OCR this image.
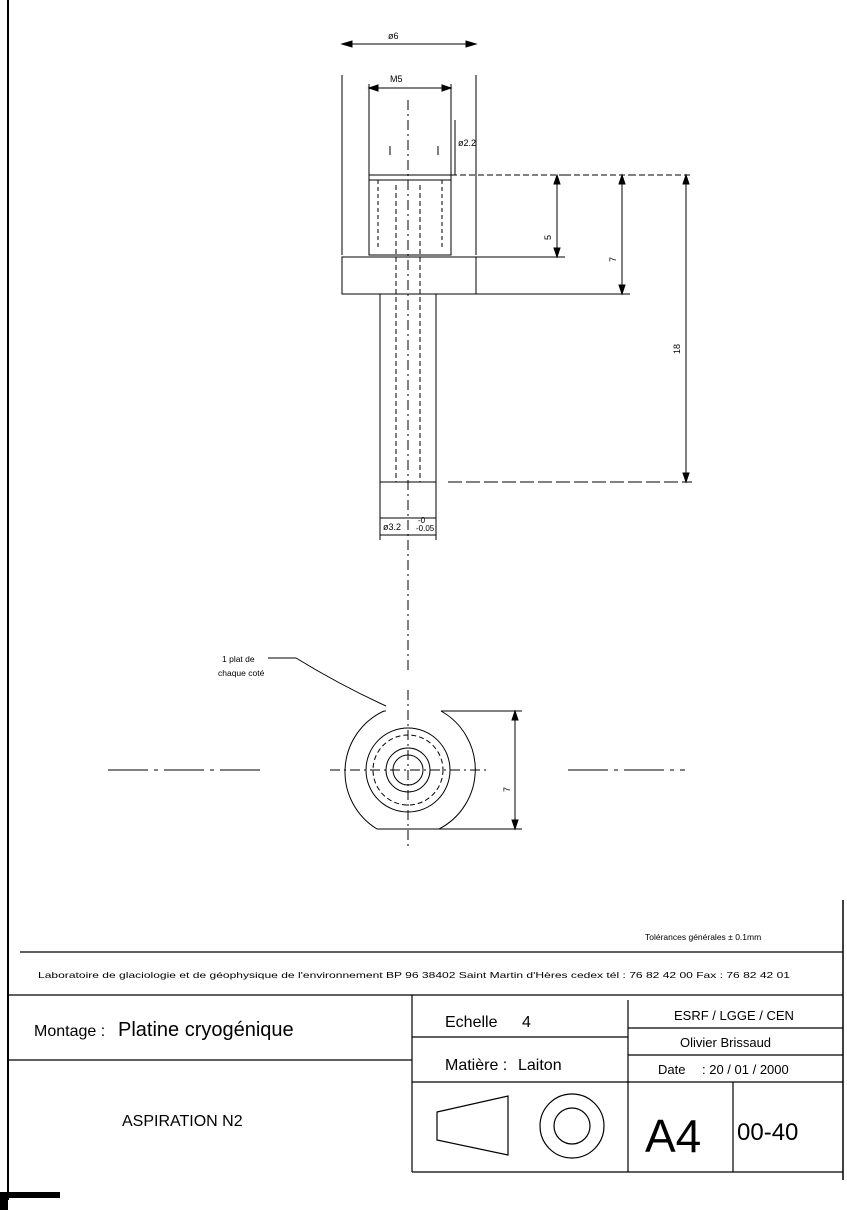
ø6
M5
ø2.2
5
7
18
ø3.2
-0
-0.05
1 plat de
chaque coté
7
Tolérances générales ± 0.1mm
Laboratoire de glaciologie et de géophysique de l'environnement BP 96 38402 Saint Martin d'Hères cedex tél : 76 82 42 00 Fax : 76 82 42 01
Montage : Platine cryogénique
ASPIRATION N2
Echelle 4
Matière : Laiton
ESRF / LGGE / CEN
Olivier Brissaud
Date : 20 / 01 / 2000
A4 00-40
